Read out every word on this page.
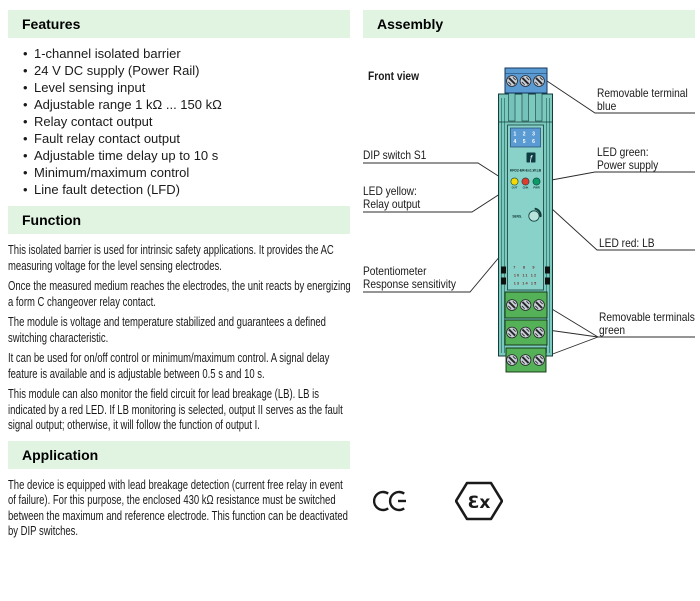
Features
• 1-channel isolated barrier
• 24 V DC supply (Power Rail)
• Level sensing input
• Adjustable range 1 kΩ ... 150 kΩ
• Relay contact output
• Fault relay contact output
• Adjustable time delay up to 10 s
• Minimum/maximum control
• Line fault detection (LFD)
Function

This isolated barrier is used for intrinsic safety applications. It provides the AC measuring voltage for the level sensing electrodes.

Once the measured medium reaches the electrodes, the unit reacts by energizing a form C changeover relay contact.

The module is voltage and temperature stabilized and guarantees a defined switching characteristic.

It can be used for on/off control or minimum/maximum control. A signal delay feature is available and is adjustable between 0.5 s and 10 s.

This module can also monitor the field circuit for lead breakage (LB). LB is indicated by a red LED. If LB monitoring is selected, output II serves as the fault signal output; otherwise, it will follow the function of output I.

Application

The device is equipped with lead breakage detection (current free relay in event of failure). For this purpose, the enclosed 430 kΩ resistance must be switched between the maximum and reference electrode. This function can be deactivated by DIP switches.

Assembly
Front view
1 2 3
4 5 6
ƒ
KFD2-ER-Ex1.W.LB
OUT CHK PWR
SENS.
7 8 9
10 11 12
13 14 15
DIP switch S1
LED yellow:
Relay output
Potentiometer
Response sensitivity
Removable terminal
blue
LED green:
Power supply
LED red: LB
Removable terminals
green
Ɛx
